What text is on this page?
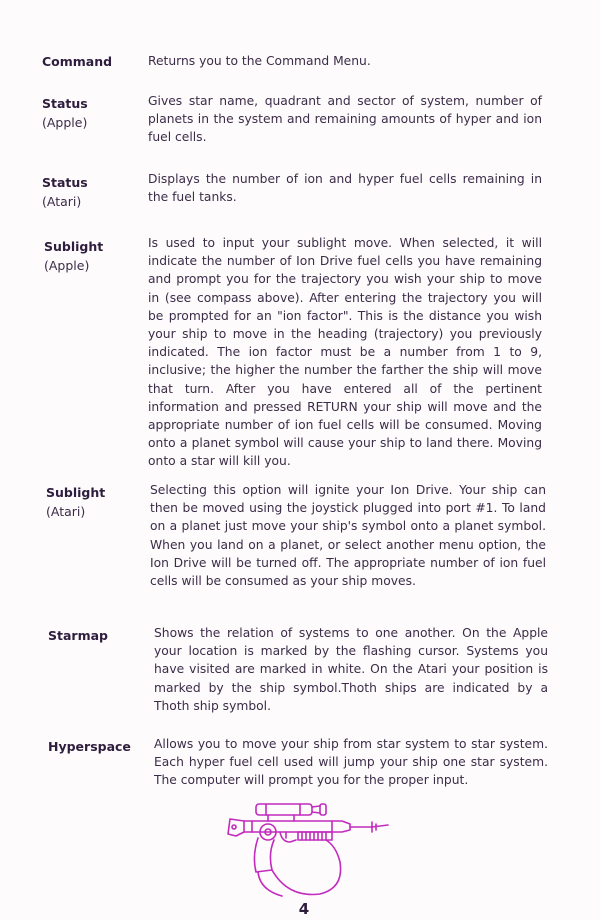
Command	Returns you to the Command Menu.

Status
(Apple)

Gives star name, quadrant and sector of system, number of planets in the system and remaining amounts of hyper and ion fuel cells.

Status
(Atari)

Displays the number of ion and hyper fuel cells remaining in the fuel tanks.

Sublight
(Apple)

Is used to input your sublight move. When selected, it will indicate the number of Ion Drive fuel cells you have remaining and prompt you for the trajectory you wish your ship to move in (see compass above). After entering the trajectory you will be prompted for an "ion factor". This is the distance you wish your ship to move in the heading (trajectory) you previously indicated. The ion factor must be a number from 1 to 9, inclusive; the higher the number the farther the ship will move that turn. After you have entered all of the pertinent information and pressed RETURN your ship will move and the appropriate number of ion fuel cells will be consumed. Moving onto a planet symbol will cause your ship to land there. Moving onto a star will kill you.

Sublight
(Atari)

Selecting this option will ignite your Ion Drive. Your ship can then be moved using the joystick plugged into port #1. To land on a planet just move your ship's symbol onto a planet symbol. When you land on a planet, or select another menu option, the Ion Drive will be turned off. The appropriate number of ion fuel cells will be consumed as your ship moves.

Starmap	Shows the relation of systems to one another. On the Apple your location is marked by the flashing cursor. Systems you have visited are marked in white. On the Atari your position is marked by the ship symbol.Thoth ships are indicated by a Thoth ship symbol.

Hyperspace Allows you to move your ship from star system to star system. Each hyper fuel cell used will jump your ship one star system. The computer will prompt you for the proper input.

4
